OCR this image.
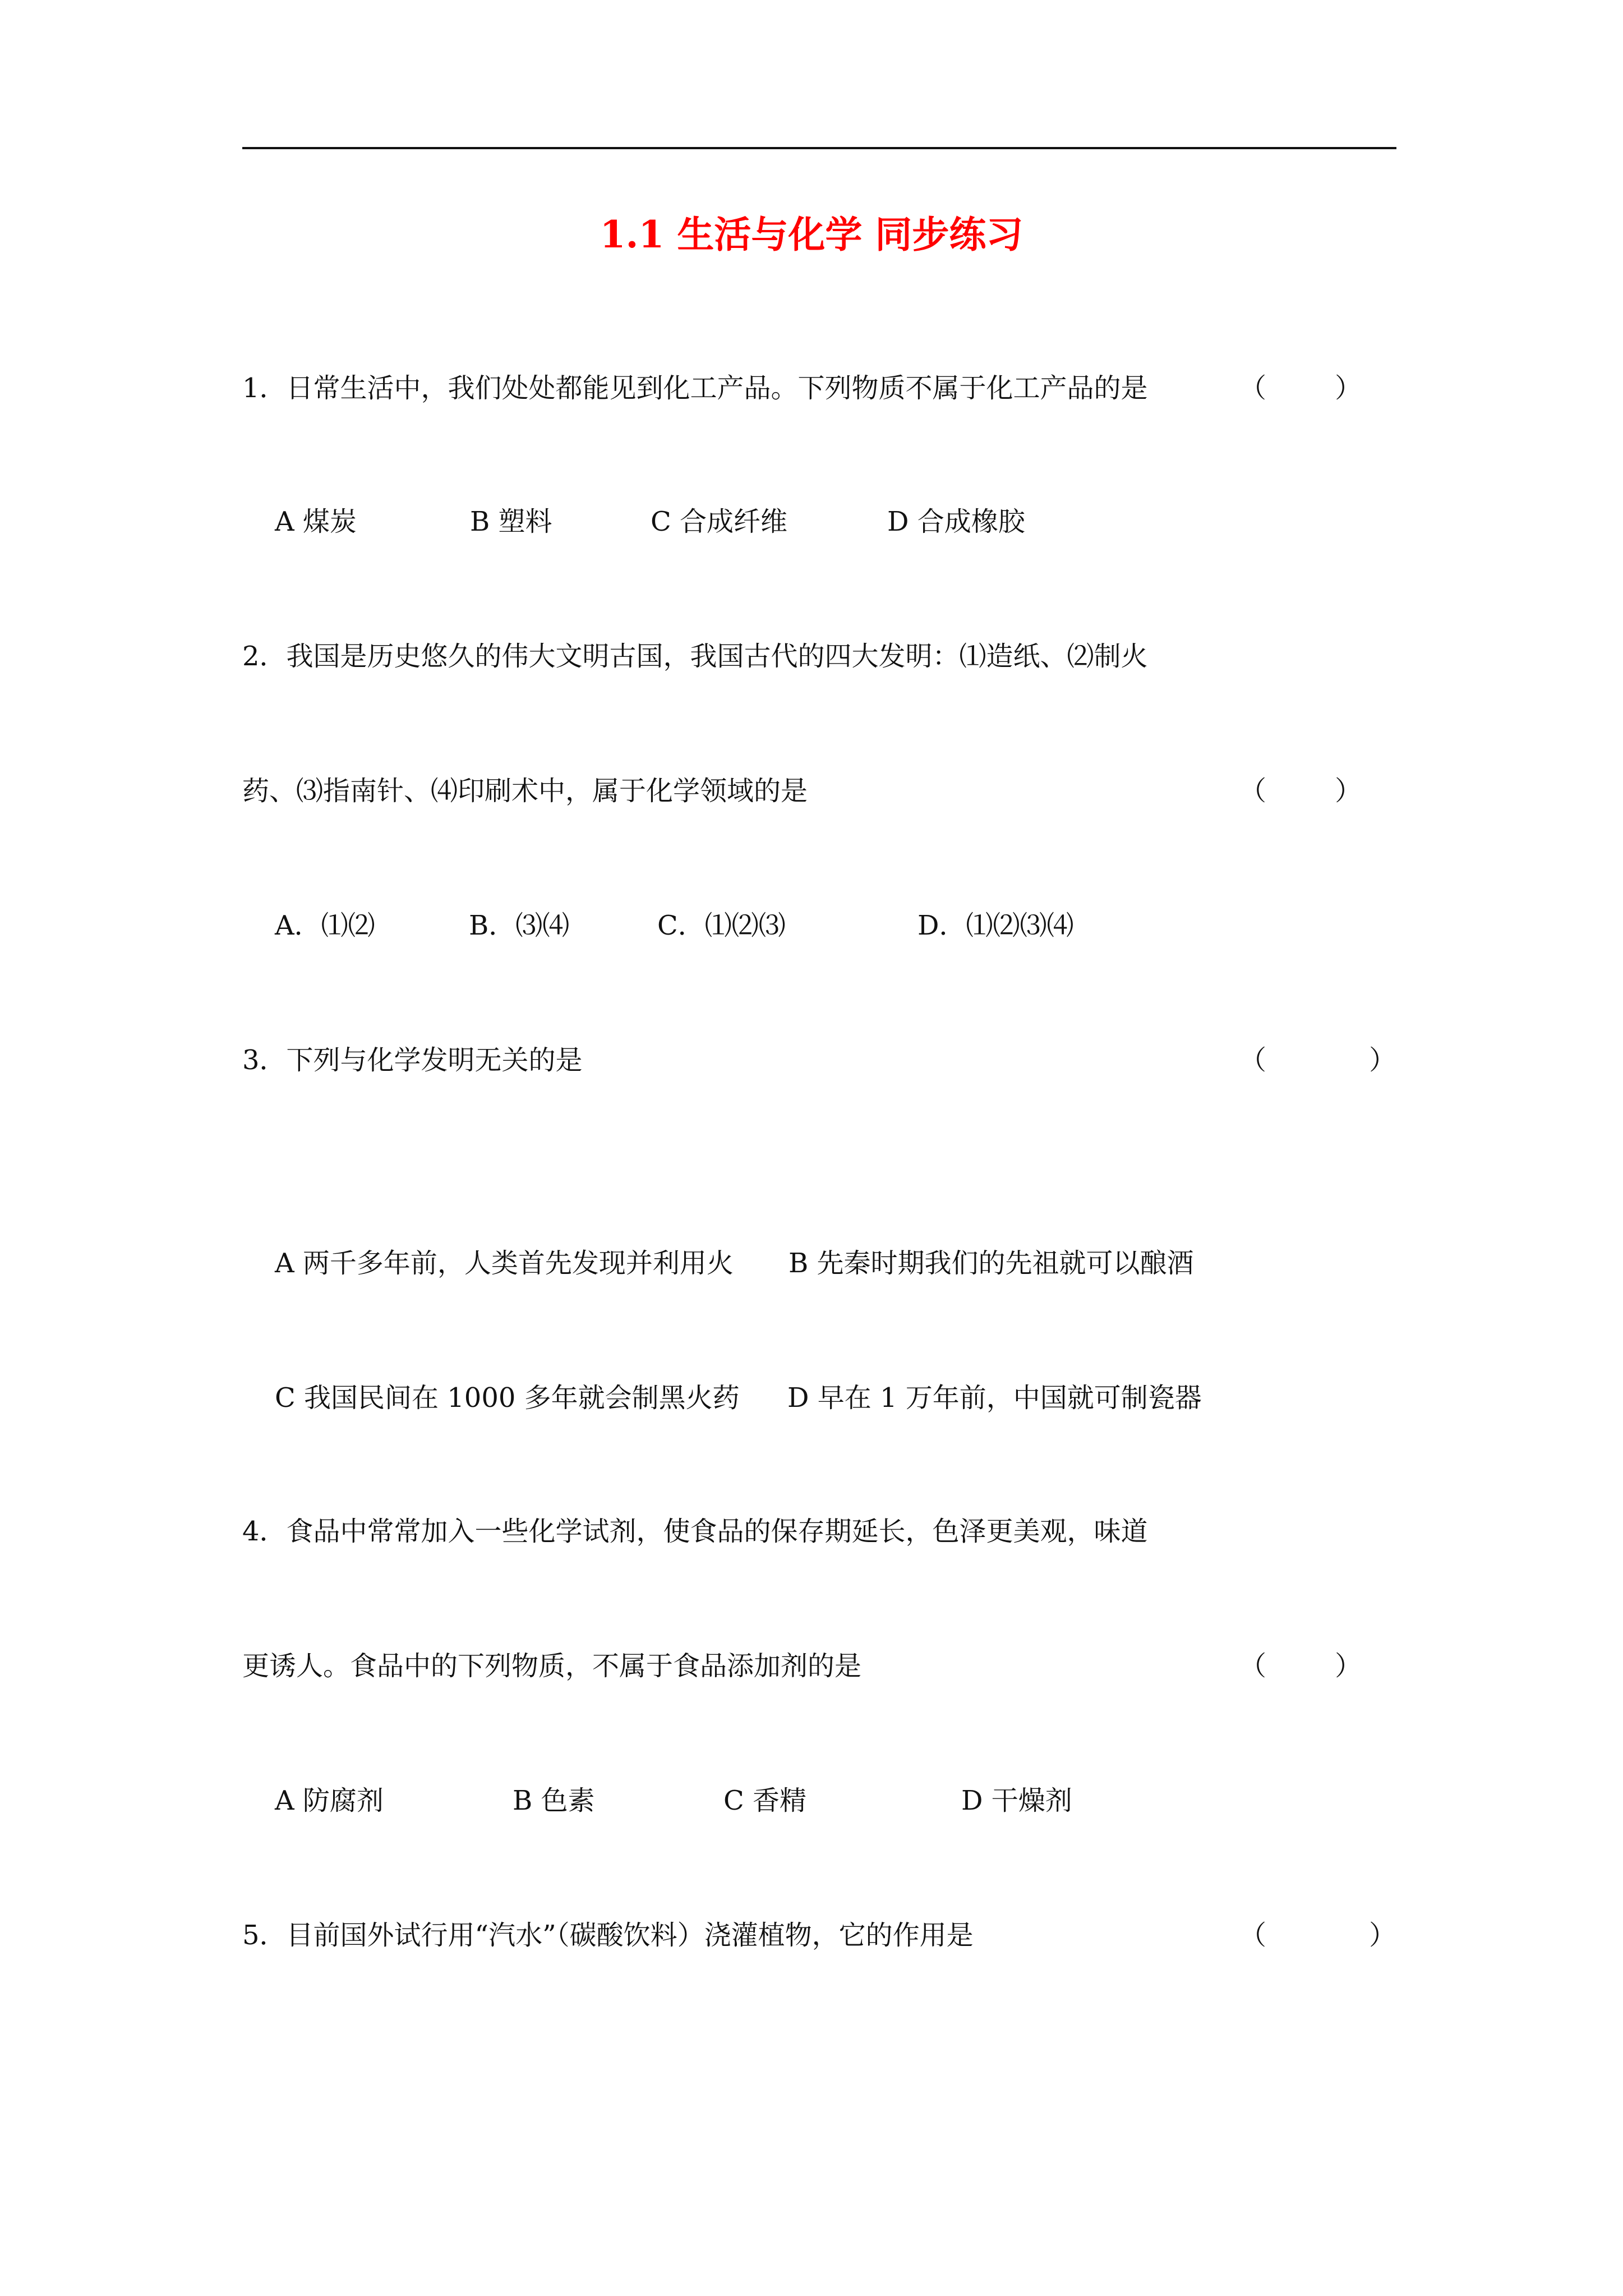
1.1 生活与化学 同步练习
1．日常生活中，我们处处都能见到化工产品。下列物质不属于化工产品的是	（        ）
A 煤炭	B 塑料	C 合成纤维	D 合成橡胶
2．我国是历史悠久的伟大文明古国，我国古代的四大发明：⑴造纸、⑵制火
药、⑶指南针、⑷印刷术中，属于化学领域的是	（        ）
A．⑴⑵	B．⑶⑷	C．⑴⑵⑶	D．⑴⑵⑶⑷
3．下列与化学发明无关的是	（            ）
A 两千多年前，人类首先发现并利用火 B 先秦时期我们的先祖就可以酿酒
C 我国民间在 1000 多年就会制黑火药 D 早在 1 万年前，中国就可制瓷器
4．食品中常常加入一些化学试剂，使食品的保存期延长，色泽更美观，味道
更诱人。食品中的下列物质，不属于食品添加剂的是	（        ）
A 防腐剂	B 色素	C 香精	D 干燥剂
5．目前国外试行用“汽水”（碳酸饮料）浇灌植物，它的作用是	（            ）
